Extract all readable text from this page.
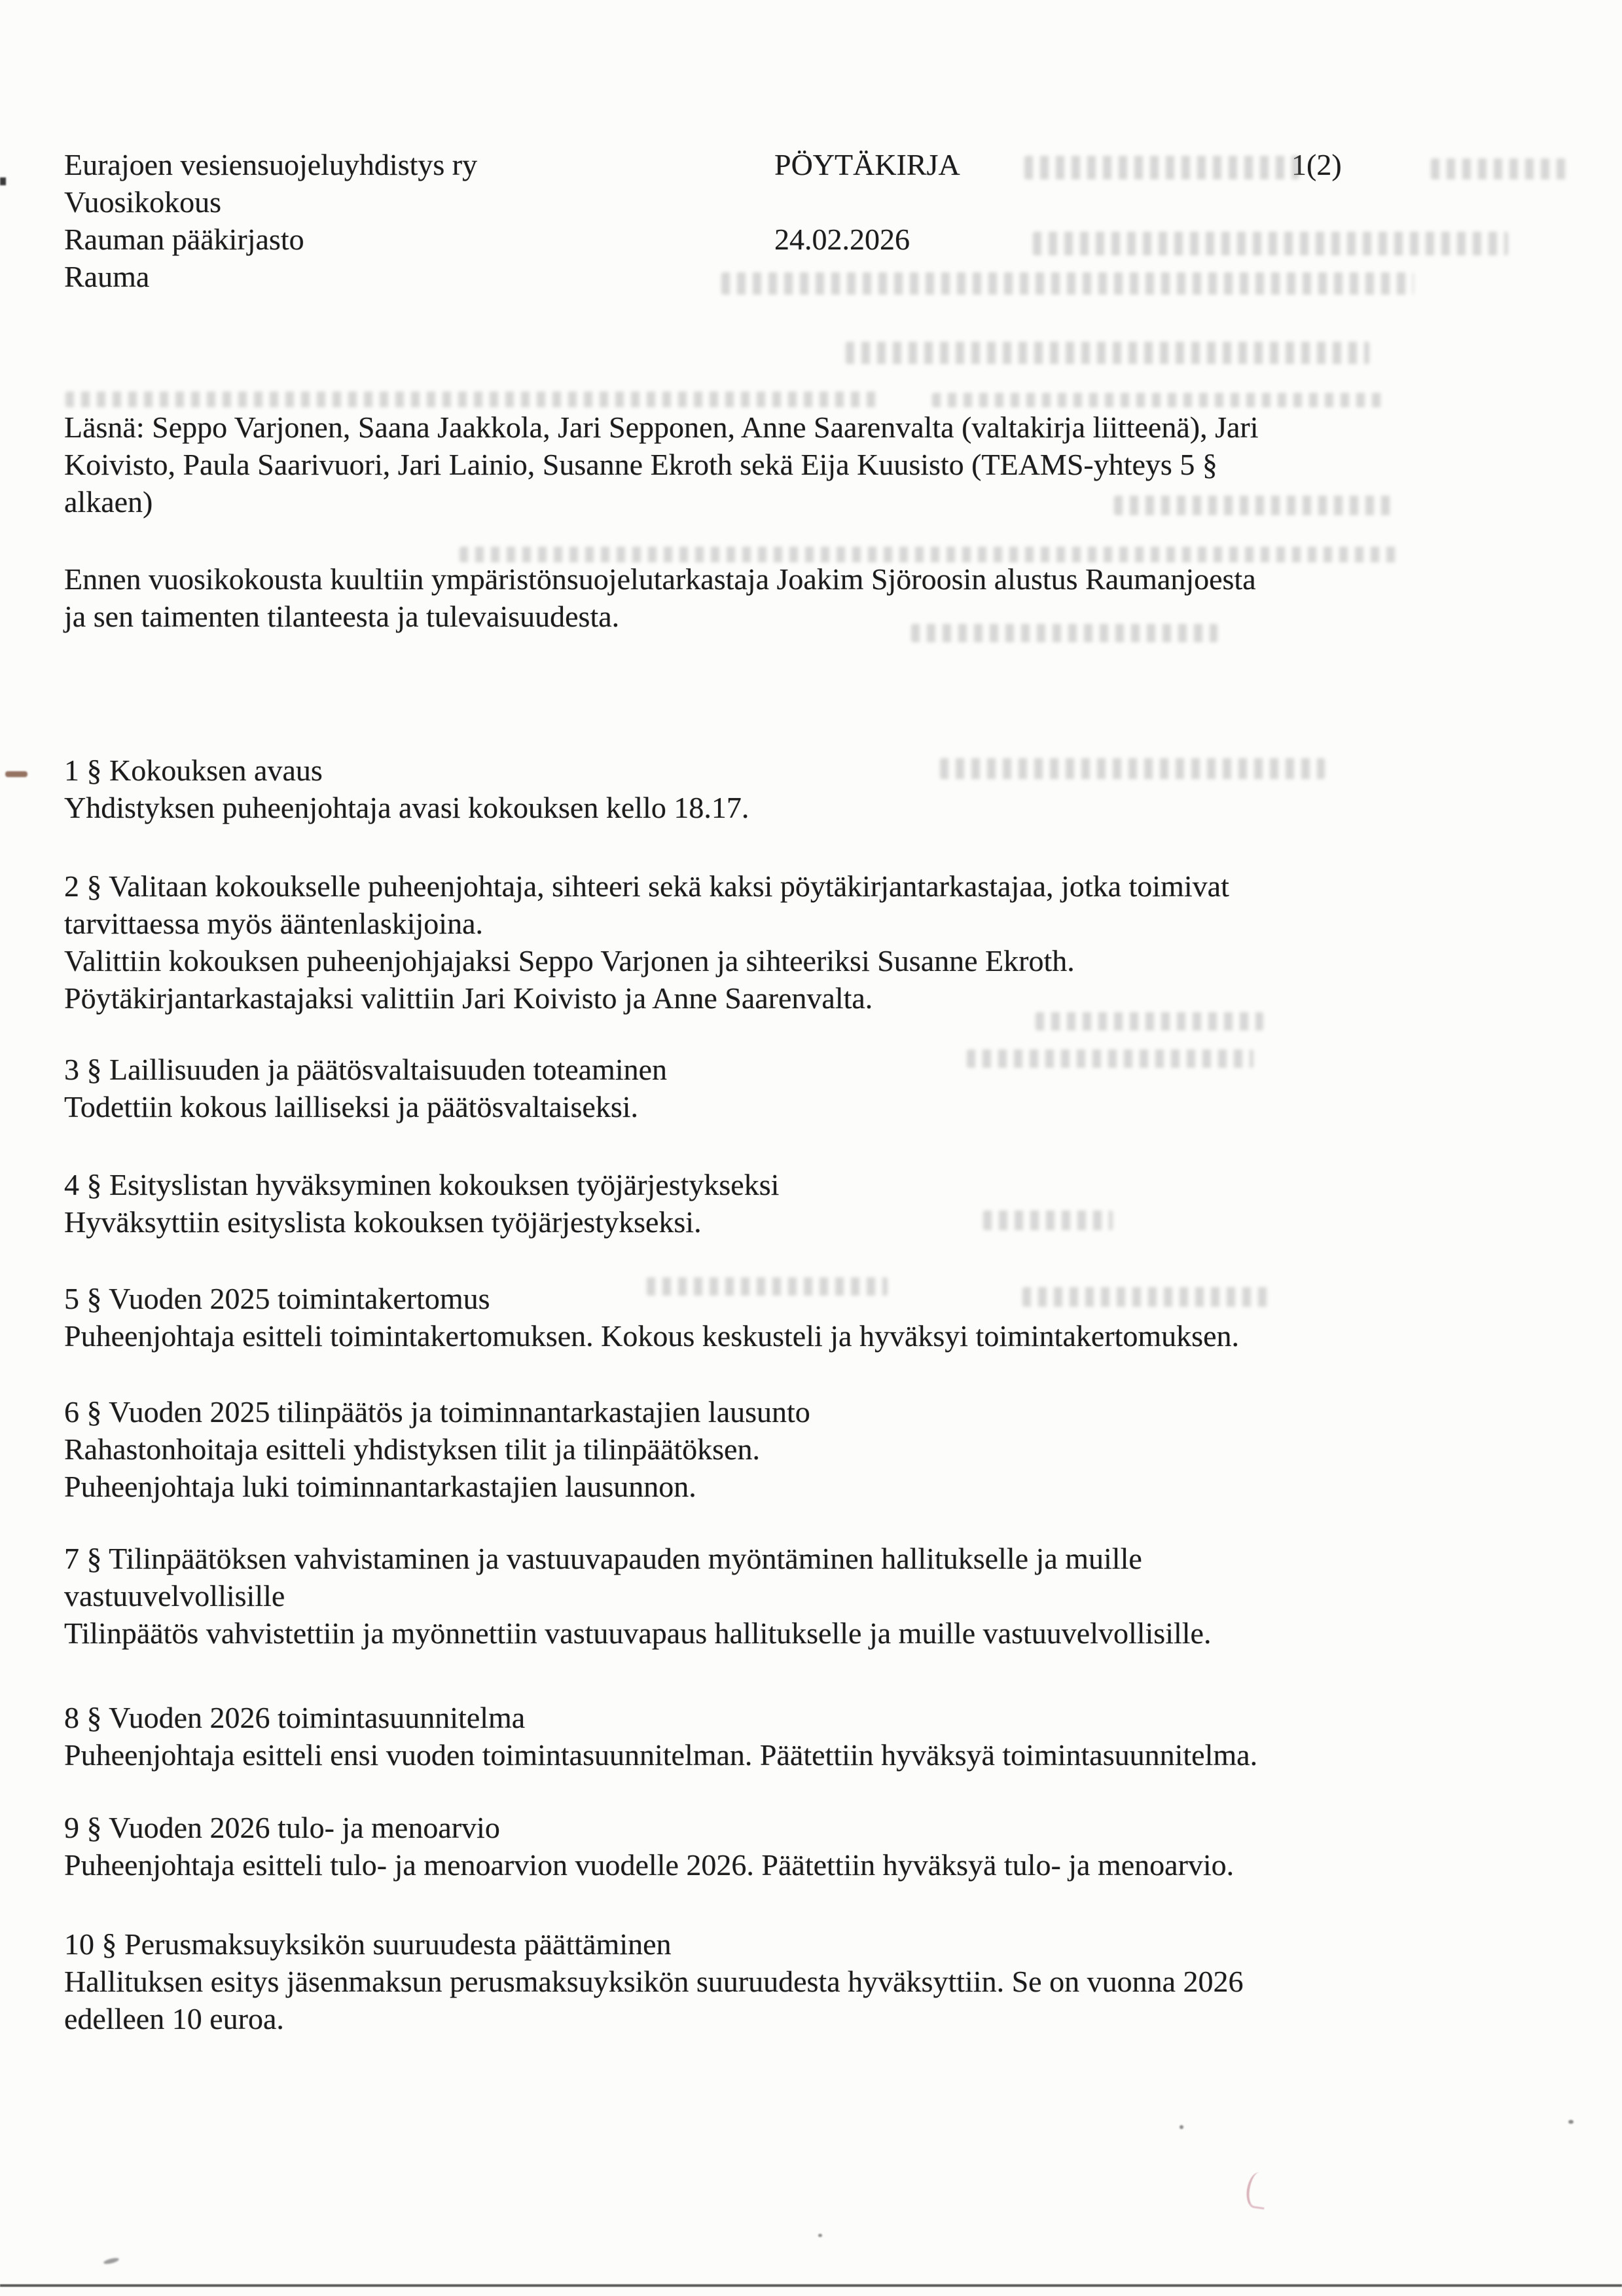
Eurajoen vesiensuojeluyhdistys ry
Vuosikokous
Rauman pääkirjasto
Rauma
PÖYTÄKIRJA	1(2)
24.02.2026
Läsnä: Seppo Varjonen, Saana Jaakkola, Jari Sepponen, Anne Saarenvalta (valtakirja liitteenä), Jari
Koivisto, Paula Saarivuori, Jari Lainio, Susanne Ekroth sekä Eija Kuusisto (TEAMS-yhteys 5 §
alkaen)
Ennen vuosikokousta kuultiin ympäristönsuojelutarkastaja Joakim Sjöroosin alustus Raumanjoesta
ja sen taimenten tilanteesta ja tulevaisuudesta.
1 § Kokouksen avaus
Yhdistyksen puheenjohtaja avasi kokouksen kello 18.17.
2 § Valitaan kokoukselle puheenjohtaja, sihteeri sekä kaksi pöytäkirjantarkastajaa, jotka toimivat
tarvittaessa myös ääntenlaskijoina.
Valittiin kokouksen puheenjohjajaksi Seppo Varjonen ja sihteeriksi Susanne Ekroth.
Pöytäkirjantarkastajaksi valittiin Jari Koivisto ja Anne Saarenvalta.
3 § Laillisuuden ja päätösvaltaisuuden toteaminen
Todettiin kokous lailliseksi ja päätösvaltaiseksi.
4 § Esityslistan hyväksyminen kokouksen työjärjestykseksi
Hyväksyttiin esityslista kokouksen työjärjestykseksi.
5 § Vuoden 2025 toimintakertomus
Puheenjohtaja esitteli toimintakertomuksen. Kokous keskusteli ja hyväksyi toimintakertomuksen.
6 § Vuoden 2025 tilinpäätös ja toiminnantarkastajien lausunto
Rahastonhoitaja esitteli yhdistyksen tilit ja tilinpäätöksen.
Puheenjohtaja luki toiminnantarkastajien lausunnon.
7 § Tilinpäätöksen vahvistaminen ja vastuuvapauden myöntäminen hallitukselle ja muille
vastuuvelvollisille
Tilinpäätös vahvistettiin ja myönnettiin vastuuvapaus hallitukselle ja muille vastuuvelvollisille.
8 § Vuoden 2026 toimintasuunnitelma
Puheenjohtaja esitteli ensi vuoden toimintasuunnitelman. Päätettiin hyväksyä toimintasuunnitelma.
9 § Vuoden 2026 tulo- ja menoarvio
Puheenjohtaja esitteli tulo- ja menoarvion vuodelle 2026. Päätettiin hyväksyä tulo- ja menoarvio.
10 § Perusmaksuyksikön suuruudesta päättäminen
Hallituksen esitys jäsenmaksun perusmaksuyksikön suuruudesta hyväksyttiin. Se on vuonna 2026
edelleen 10 euroa.
